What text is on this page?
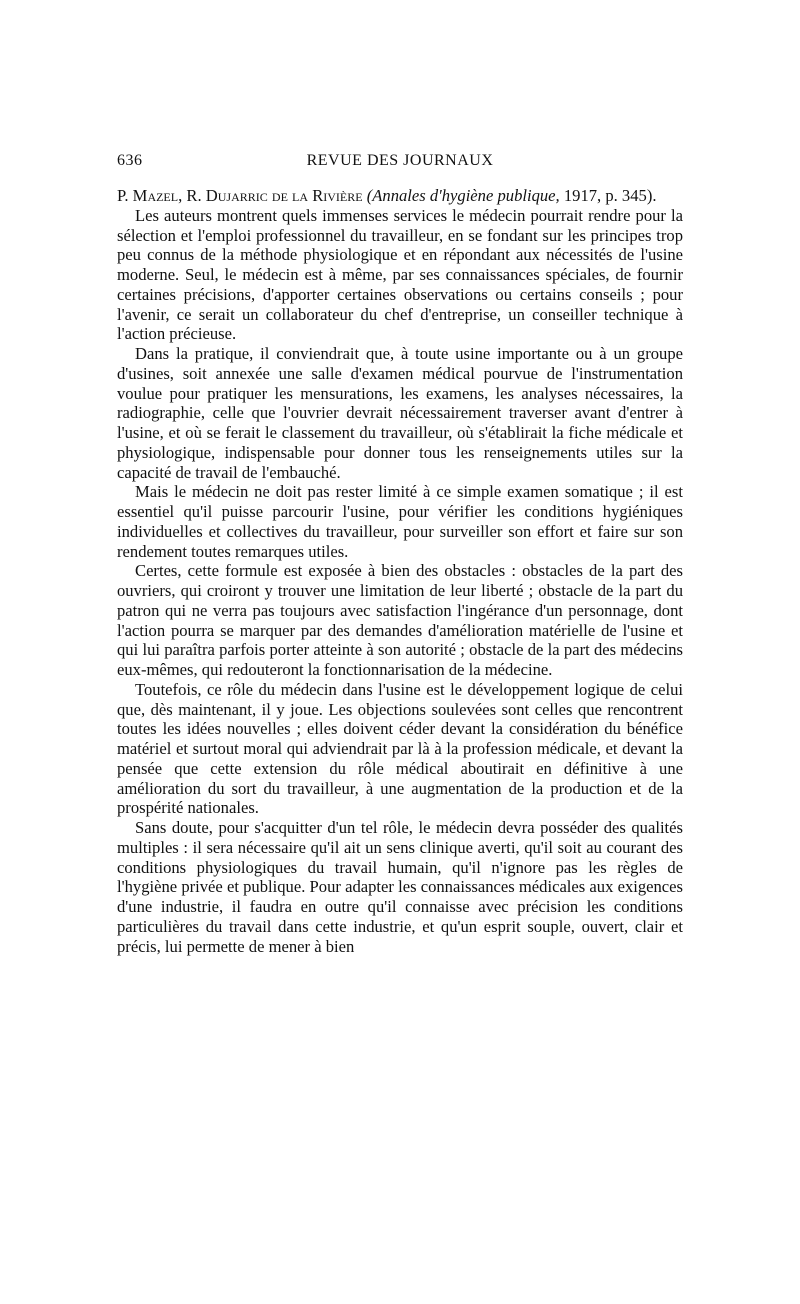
636	REVUE DES JOURNAUX

P. Mazel, R. Dujarric de la Rivière (Annales d'hygiène publique, 1917, p. 345).

Les auteurs montrent quels immenses services le médecin pourrait rendre pour la sélection et l'emploi professionnel du travailleur, en se fondant sur les principes trop peu connus de la méthode physiologique et en répondant aux nécessités de l'usine moderne. Seul, le médecin est à même, par ses connaissances spéciales, de fournir certaines précisions, d'apporter certaines observations ou certains conseils ; pour l'avenir, ce serait un collaborateur du chef d'entreprise, un conseiller technique à l'action précieuse.

Dans la pratique, il conviendrait que, à toute usine importante ou à un groupe d'usines, soit annexée une salle d'examen médical pourvue de l'instrumentation voulue pour pratiquer les mensurations, les examens, les analyses nécessaires, la radiographie, celle que l'ouvrier devrait nécessairement traverser avant d'entrer à l'usine, et où se ferait le classement du travailleur, où s'établirait la fiche médicale et physiologique, indispensable pour donner tous les renseignements utiles sur la capacité de travail de l'embauché.

Mais le médecin ne doit pas rester limité à ce simple examen somatique ; il est essentiel qu'il puisse parcourir l'usine, pour vérifier les conditions hygiéniques individuelles et collectives du travailleur, pour surveiller son effort et faire sur son rendement toutes remarques utiles.

Certes, cette formule est exposée à bien des obstacles : obstacles de la part des ouvriers, qui croiront y trouver une limitation de leur liberté ; obstacle de la part du patron qui ne verra pas toujours avec satisfaction l'ingérance d'un personnage, dont l'action pourra se marquer par des demandes d'amélioration matérielle de l'usine et qui lui paraîtra parfois porter atteinte à son autorité ; obstacle de la part des médecins eux-mêmes, qui redouteront la fonctionnarisation de la médecine.

Toutefois, ce rôle du médecin dans l'usine est le développement logique de celui que, dès maintenant, il y joue. Les objections soulevées sont celles que rencontrent toutes les idées nouvelles ; elles doivent céder devant la considération du bénéfice matériel et surtout moral qui adviendrait par là à la profession médicale, et devant la pensée que cette extension du rôle médical aboutirait en définitive à une amélioration du sort du travailleur, à une augmentation de la production et de la prospérité nationales.

Sans doute, pour s'acquitter d'un tel rôle, le médecin devra posséder des qualités multiples : il sera nécessaire qu'il ait un sens clinique averti, qu'il soit au courant des conditions physiologiques du travail humain, qu'il n'ignore pas les règles de l'hygiène privée et publique. Pour adapter les connaissances médicales aux exigences d'une industrie, il faudra en outre qu'il connaisse avec précision les conditions particulières du travail dans cette industrie, et qu'un esprit souple, ouvert, clair et précis, lui permette de mener à bien
